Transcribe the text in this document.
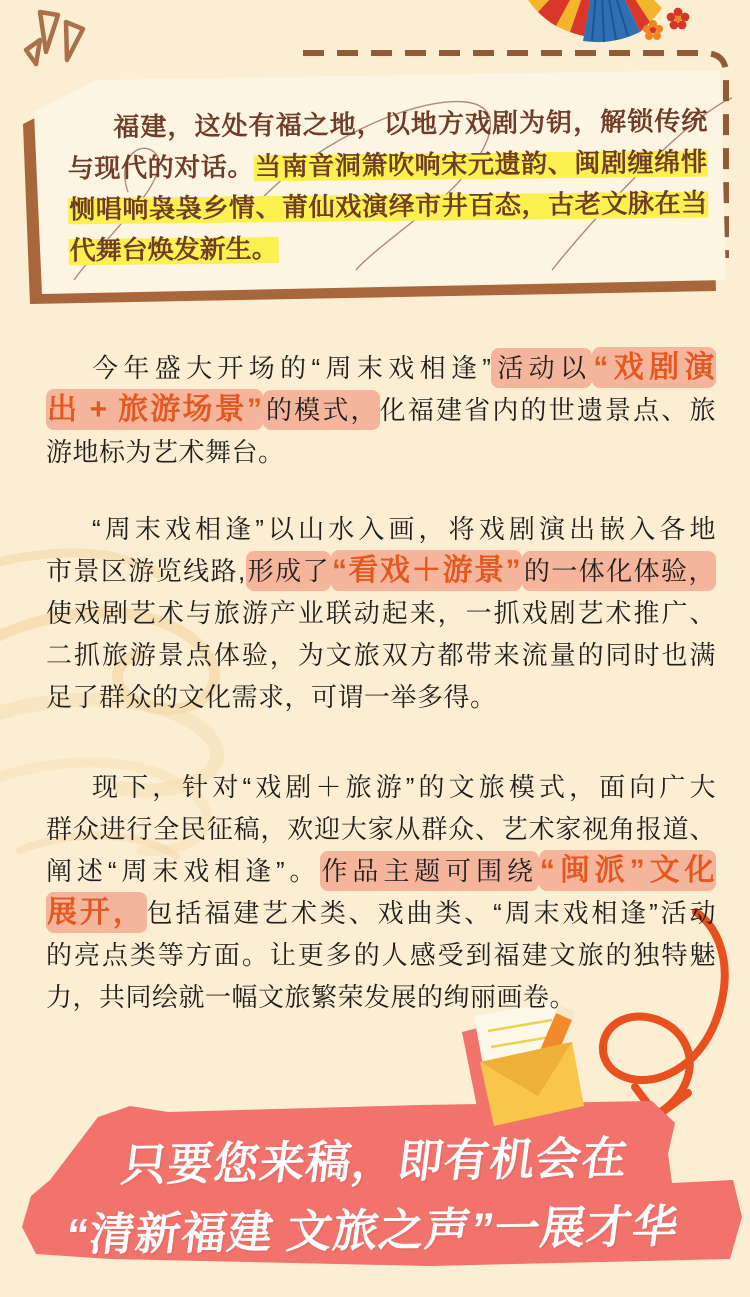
福建，这处有福之地，以地方戏剧为钥，解锁传统
与现代的对话。当南音洞箫吹响宋元遗韵、闽剧缠绵悱
恻唱响袅袅乡情、莆仙戏演绎市井百态，古老文脉在当
代舞台焕发新生。
今年盛大开场的“周末戏相逢”活动以“戏剧演
出 + 旅游场景”的模式，化福建省内的世遗景点、旅
游地标为艺术舞台。
“周末戏相逢”以山水入画，将戏剧演出嵌入各地
市景区游览线路,形成了“看戏＋游景”的一体化体验，
使戏剧艺术与旅游产业联动起来，一抓戏剧艺术推广、
二抓旅游景点体验，为文旅双方都带来流量的同时也满
足了群众的文化需求，可谓一举多得。
现下，针对“戏剧＋旅游”的文旅模式，面向广大
群众进行全民征稿，欢迎大家从群众、艺术家视角报道、
阐述“周末戏相逢”。作品主题可围绕“闽派”文化
展开，包括福建艺术类、戏曲类、“周末戏相逢”活动
的亮点类等方面。让更多的人感受到福建文旅的独特魅
力，共同绘就一幅文旅繁荣发展的绚丽画卷。
只要您来稿，即有机会在
“清新福建 文旅之声”一展才华
